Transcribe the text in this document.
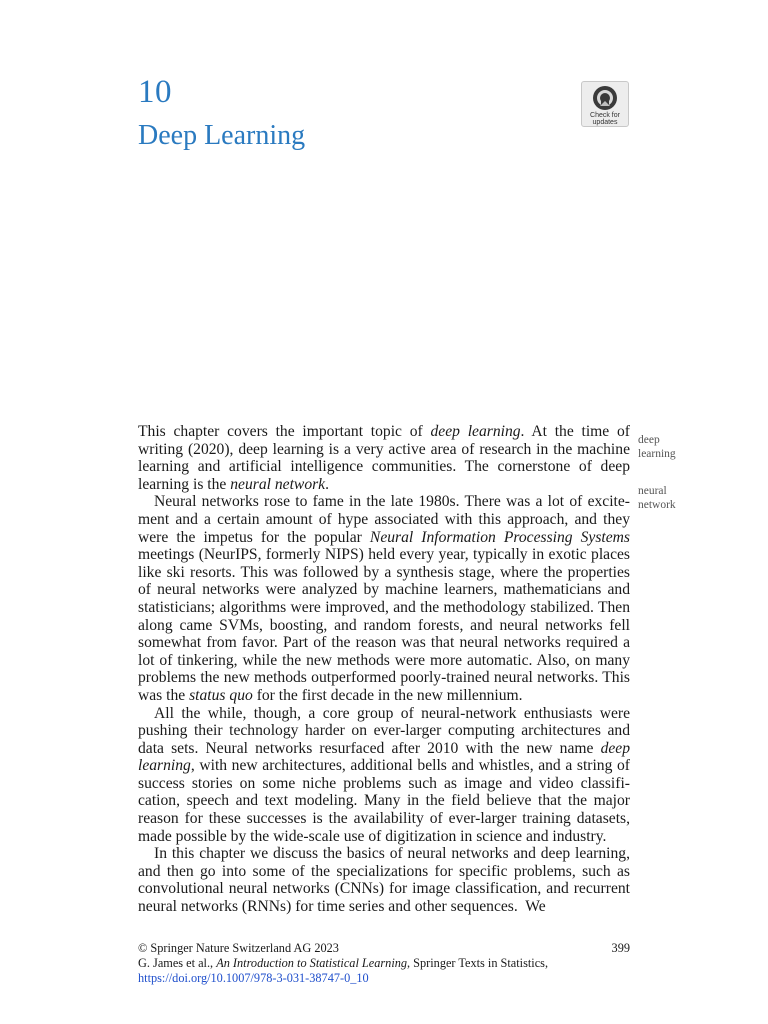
10
Deep Learning
Check for
updates
deep
learning
neural
network

This chapter covers the important topic of deep learning. At the time of writing (2020), deep learning is a very active area of research in the machine learning and artificial intelligence communities. The cornerstone of deep learning is the neural network.

Neural networks rose to fame in the late 1980s. There was a lot of excitement and a certain amount of hype associated with this approach, and they were the impetus for the popular Neural Information Processing Systems meetings (NeurIPS, formerly NIPS) held every year, typically in exotic places like ski resorts. This was followed by a synthesis stage, where the properties of neural networks were analyzed by machine learners, mathematicians and statisticians; algorithms were improved, and the methodology stabilized. Then along came SVMs, boosting, and random forests, and neural networks fell somewhat from favor. Part of the reason was that neural networks required a lot of tinkering, while the new methods were more automatic. Also, on many problems the new methods outperformed poorly-trained neural networks. This was the status quo for the first decade in the new millennium.

All the while, though, a core group of neural-network enthusiasts were pushing their technology harder on ever-larger computing architectures and data sets. Neural networks resurfaced after 2010 with the new name deep learning, with new architectures, additional bells and whistles, and a string of success stories on some niche problems such as image and video classification, speech and text modeling. Many in the field believe that the major reason for these successes is the availability of ever-larger training datasets, made possible by the wide-scale use of digitization in science and industry.

In this chapter we discuss the basics of neural networks and deep learning, and then go into some of the specializations for specific problems, such as convolutional neural networks (CNNs) for image classification, and recurrent neural networks (RNNs) for time series and other sequences.  We

© Springer Nature Switzerland AG 2023	399
G. James et al., An Introduction to Statistical Learning, Springer Texts in Statistics,
https://doi.org/10.1007/978-3-031-38747-0_10
